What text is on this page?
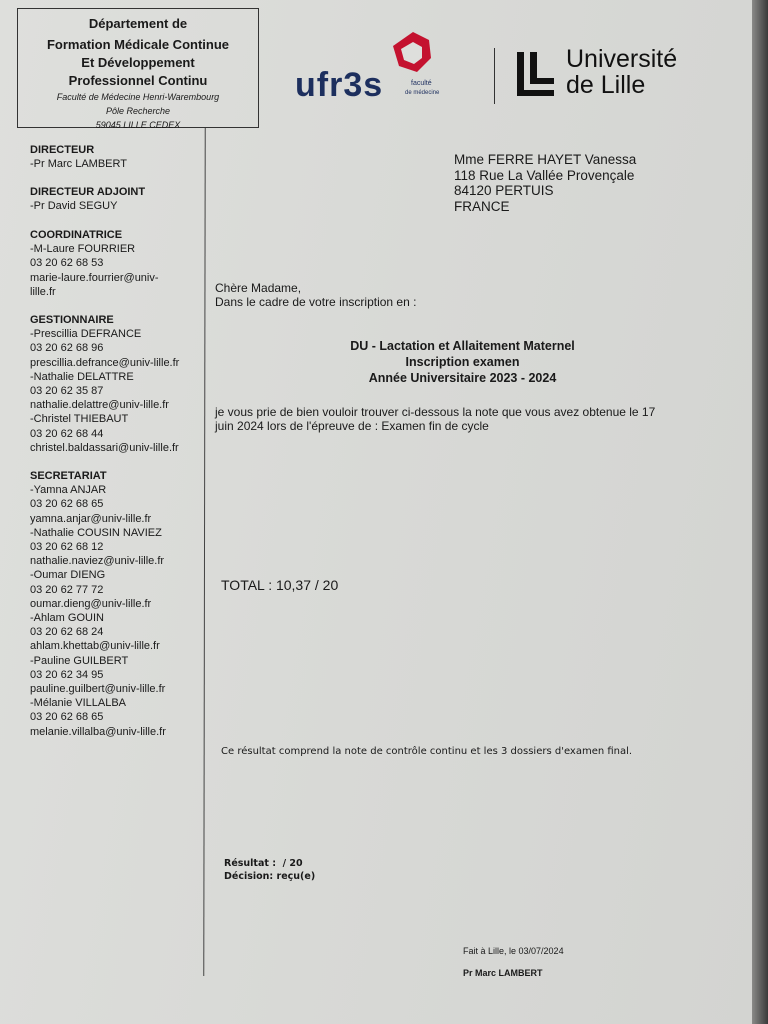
Département de
Formation Médicale Continue
Et Développement
Professionnel Continu
Faculté de Médecine Henri-Warembourg
Pôle Recherche
59045 LILLE CEDEX
ufr3s	faculté
de médecine
Université
de Lille
DIRECTEUR
-Pr Marc LAMBERT
DIRECTEUR ADJOINT
-Pr David SEGUY
COORDINATRICE
-M-Laure FOURRIER
03 20 62 68 53
marie-laure.fourrier@univ-
lille.fr
GESTIONNAIRE
-Prescillia DEFRANCE
03 20 62 68 96
prescillia.defrance@univ-lille.fr
-Nathalie DELATTRE
03 20 62 35 87
nathalie.delattre@univ-lille.fr
-Christel THIEBAUT
03 20 62 68 44
christel.baldassari@univ-lille.fr
SECRETARIAT
-Yamna ANJAR
03 20 62 68 65
yamna.anjar@univ-lille.fr
-Nathalie COUSIN NAVIEZ
03 20 62 68 12
nathalie.naviez@univ-lille.fr
-Oumar DIENG
03 20 62 77 72
oumar.dieng@univ-lille.fr
-Ahlam GOUIN
03 20 62 68 24
ahlam.khettab@univ-lille.fr
-Pauline GUILBERT
03 20 62 34 95
pauline.guilbert@univ-lille.fr
-Mélanie VILLALBA
03 20 62 68 65
melanie.villalba@univ-lille.fr
Mme FERRE HAYET Vanessa
118 Rue La Vallée Provençale
84120 PERTUIS
FRANCE
Chère Madame,
Dans le cadre de votre inscription en :
DU - Lactation et Allaitement Maternel
Inscription examen
Année Universitaire 2023 - 2024
je vous prie de bien vouloir trouver ci-dessous la note que vous avez obtenue le 17
juin 2024 lors de l'épreuve de : Examen fin de cycle
TOTAL : 10,37 / 20
Ce résultat comprend la note de contrôle continu et les 3 dossiers d'examen final.
Résultat :  / 20
Décision: reçu(e)
Fait à Lille, le 03/07/2024
Pr Marc LAMBERT
